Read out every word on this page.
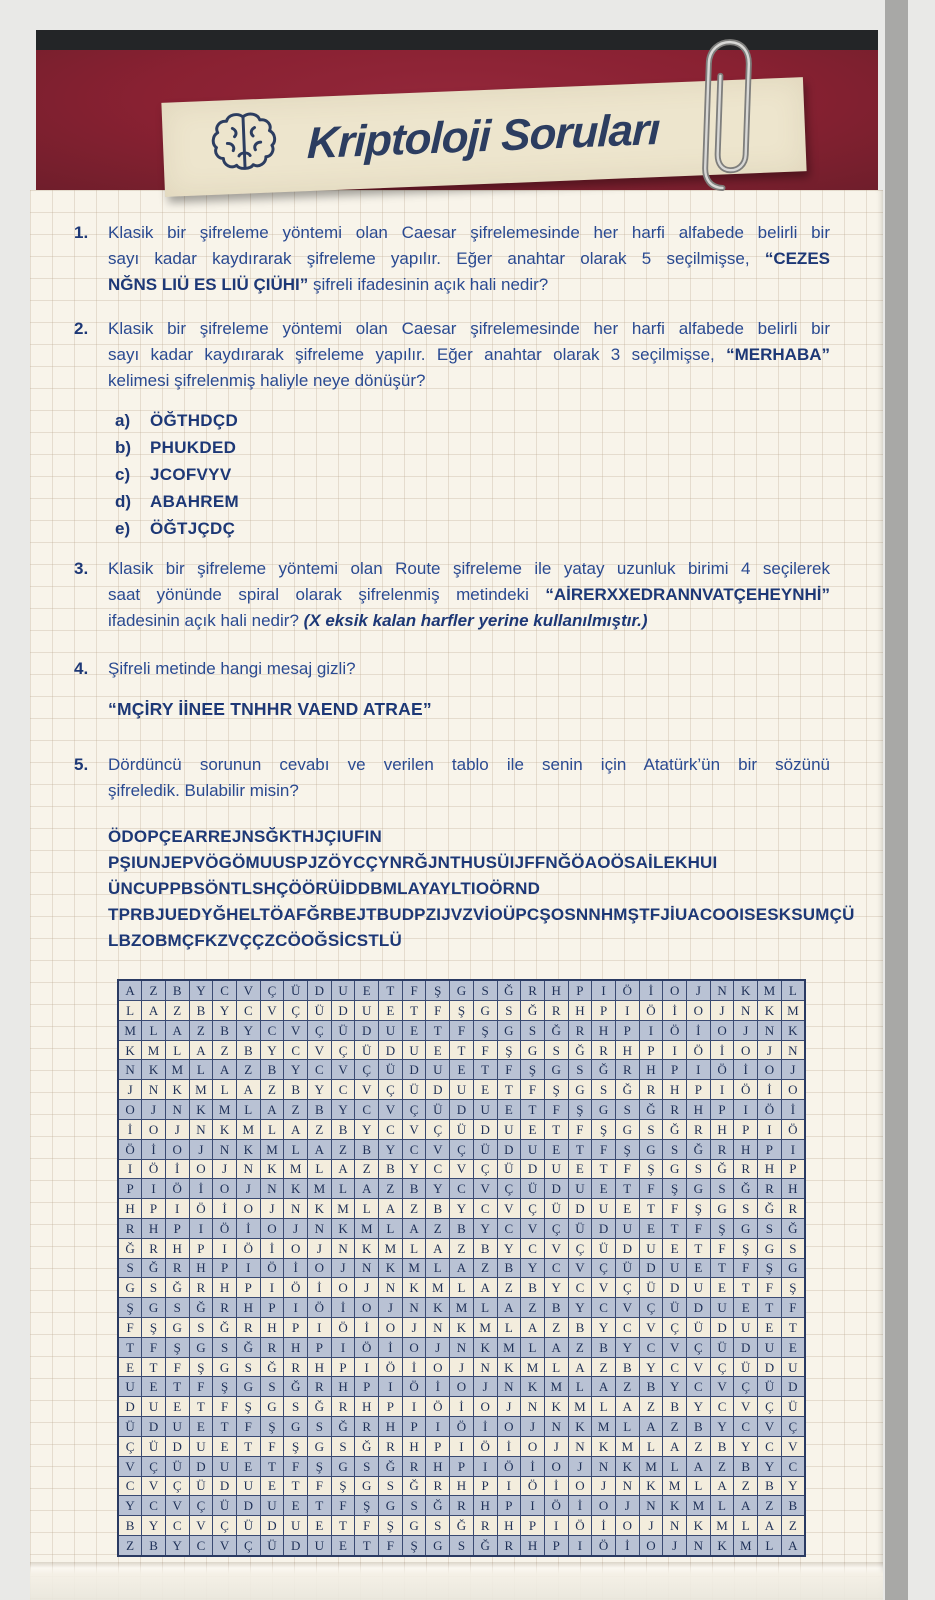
Kriptoloji Soruları
1. Klasik bir şifreleme yöntemi olan Caesar şifrelemesinde her harfi alfabede belirli bir
sayı kadar kaydırarak şifreleme yapılır. Eğer anahtar olarak 5 seçilmişse, “CEZES
NĞNS LIÜ ES LIÜ ÇIÜHI” şifreli ifadesinin açık hali nedir?
2. Klasik bir şifreleme yöntemi olan Caesar şifrelemesinde her harfi alfabede belirli bir
sayı kadar kaydırarak şifreleme yapılır. Eğer anahtar olarak 3 seçilmişse, “MERHABA”
kelimesi şifrelenmiş haliyle neye dönüşür?
a) ÖĞTHDÇD
b) PHUKDED
c) JCOFVYV
d) ABAHREM
e) ÖĞTJÇDÇ
3. Klasik bir şifreleme yöntemi olan Route şifreleme ile yatay uzunluk birimi 4 seçilerek
saat yönünde spiral olarak şifrelenmiş metindeki “AİRERXXEDRANNVATÇEHEYNHİ”
ifadesinin açık hali nedir? (X eksik kalan harfler yerine kullanılmıştır.)
4. Şifreli metinde hangi mesaj gizli?
“MÇİRY İİNEE TNHHR VAEND ATRAE”
5. Dördüncü sorunun cevabı ve verilen tablo ile senin için Atatürk’ün bir sözünü
şifreledik. Bulabilir misin?
ÖDOPÇEARREJNSĞKTHJÇIUFIN
PŞIUNJEPVÖGÖMUUSPJZÖYCÇYNRĞJNTHUSÜIJFFNĞÖAOÖSAİLEKHUI
ÜNCUPPBSÖNTLSHÇÖÖRÜİDDBMLAYAYLTIOÖRND
TPRBJUEDYĞHELTÖAFĞRBEJTBUDPZIJVZVİOÜPCŞOSNNHMŞTFJİUACOOISESKSUMÇÜ
LBZOBMÇFKZVÇÇZCÖOĞSİCSTLÜ
A	Z	B	Y	C	V	Ç	Ü	D	U	E	T	F	Ş	G	S	Ğ	R	H	P	I	Ö	İ	O	J	N	K	M	L
L	A	Z	B	Y	C	V	Ç	Ü	D	U	E	T	F	Ş	G	S	Ğ	R	H	P	I	Ö	İ	O	J	N	K	M
M	L	A	Z	B	Y	C	V	Ç	Ü	D	U	E	T	F	Ş	G	S	Ğ	R	H	P	I	Ö	İ	O	J	N	K
K	M	L	A	Z	B	Y	C	V	Ç	Ü	D	U	E	T	F	Ş	G	S	Ğ	R	H	P	I	Ö	İ	O	J	N
N	K	M	L	A	Z	B	Y	C	V	Ç	Ü	D	U	E	T	F	Ş	G	S	Ğ	R	H	P	I	Ö	İ	O	J
J	N	K	M	L	A	Z	B	Y	C	V	Ç	Ü	D	U	E	T	F	Ş	G	S	Ğ	R	H	P	I	Ö	İ	O
O	J	N	K	M	L	A	Z	B	Y	C	V	Ç	Ü	D	U	E	T	F	Ş	G	S	Ğ	R	H	P	I	Ö	İ
İ	O	J	N	K	M	L	A	Z	B	Y	C	V	Ç	Ü	D	U	E	T	F	Ş	G	S	Ğ	R	H	P	I	Ö
Ö	İ	O	J	N	K	M	L	A	Z	B	Y	C	V	Ç	Ü	D	U	E	T	F	Ş	G	S	Ğ	R	H	P	I
I	Ö	İ	O	J	N	K	M	L	A	Z	B	Y	C	V	Ç	Ü	D	U	E	T	F	Ş	G	S	Ğ	R	H	P
P	I	Ö	İ	O	J	N	K	M	L	A	Z	B	Y	C	V	Ç	Ü	D	U	E	T	F	Ş	G	S	Ğ	R	H
H	P	I	Ö	İ	O	J	N	K	M	L	A	Z	B	Y	C	V	Ç	Ü	D	U	E	T	F	Ş	G	S	Ğ	R
R	H	P	I	Ö	İ	O	J	N	K	M	L	A	Z	B	Y	C	V	Ç	Ü	D	U	E	T	F	Ş	G	S	Ğ
Ğ	R	H	P	I	Ö	İ	O	J	N	K	M	L	A	Z	B	Y	C	V	Ç	Ü	D	U	E	T	F	Ş	G	S
S	Ğ	R	H	P	I	Ö	İ	O	J	N	K	M	L	A	Z	B	Y	C	V	Ç	Ü	D	U	E	T	F	Ş	G
G	S	Ğ	R	H	P	I	Ö	İ	O	J	N	K	M	L	A	Z	B	Y	C	V	Ç	Ü	D	U	E	T	F	Ş
Ş	G	S	Ğ	R	H	P	I	Ö	İ	O	J	N	K	M	L	A	Z	B	Y	C	V	Ç	Ü	D	U	E	T	F
F	Ş	G	S	Ğ	R	H	P	I	Ö	İ	O	J	N	K	M	L	A	Z	B	Y	C	V	Ç	Ü	D	U	E	T
T	F	Ş	G	S	Ğ	R	H	P	I	Ö	İ	O	J	N	K	M	L	A	Z	B	Y	C	V	Ç	Ü	D	U	E
E	T	F	Ş	G	S	Ğ	R	H	P	I	Ö	İ	O	J	N	K	M	L	A	Z	B	Y	C	V	Ç	Ü	D	U
U	E	T	F	Ş	G	S	Ğ	R	H	P	I	Ö	İ	O	J	N	K	M	L	A	Z	B	Y	C	V	Ç	Ü	D
D	U	E	T	F	Ş	G	S	Ğ	R	H	P	I	Ö	İ	O	J	N	K	M	L	A	Z	B	Y	C	V	Ç	Ü
Ü	D	U	E	T	F	Ş	G	S	Ğ	R	H	P	I	Ö	İ	O	J	N	K	M	L	A	Z	B	Y	C	V	Ç
Ç	Ü	D	U	E	T	F	Ş	G	S	Ğ	R	H	P	I	Ö	İ	O	J	N	K	M	L	A	Z	B	Y	C	V
V	Ç	Ü	D	U	E	T	F	Ş	G	S	Ğ	R	H	P	I	Ö	İ	O	J	N	K	M	L	A	Z	B	Y	C
C	V	Ç	Ü	D	U	E	T	F	Ş	G	S	Ğ	R	H	P	I	Ö	İ	O	J	N	K	M	L	A	Z	B	Y
Y	C	V	Ç	Ü	D	U	E	T	F	Ş	G	S	Ğ	R	H	P	I	Ö	İ	O	J	N	K	M	L	A	Z	B
B	Y	C	V	Ç	Ü	D	U	E	T	F	Ş	G	S	Ğ	R	H	P	I	Ö	İ	O	J	N	K	M	L	A	Z
Z	B	Y	C	V	Ç	Ü	D	U	E	T	F	Ş	G	S	Ğ	R	H	P	I	Ö	İ	O	J	N	K	M	L	A
